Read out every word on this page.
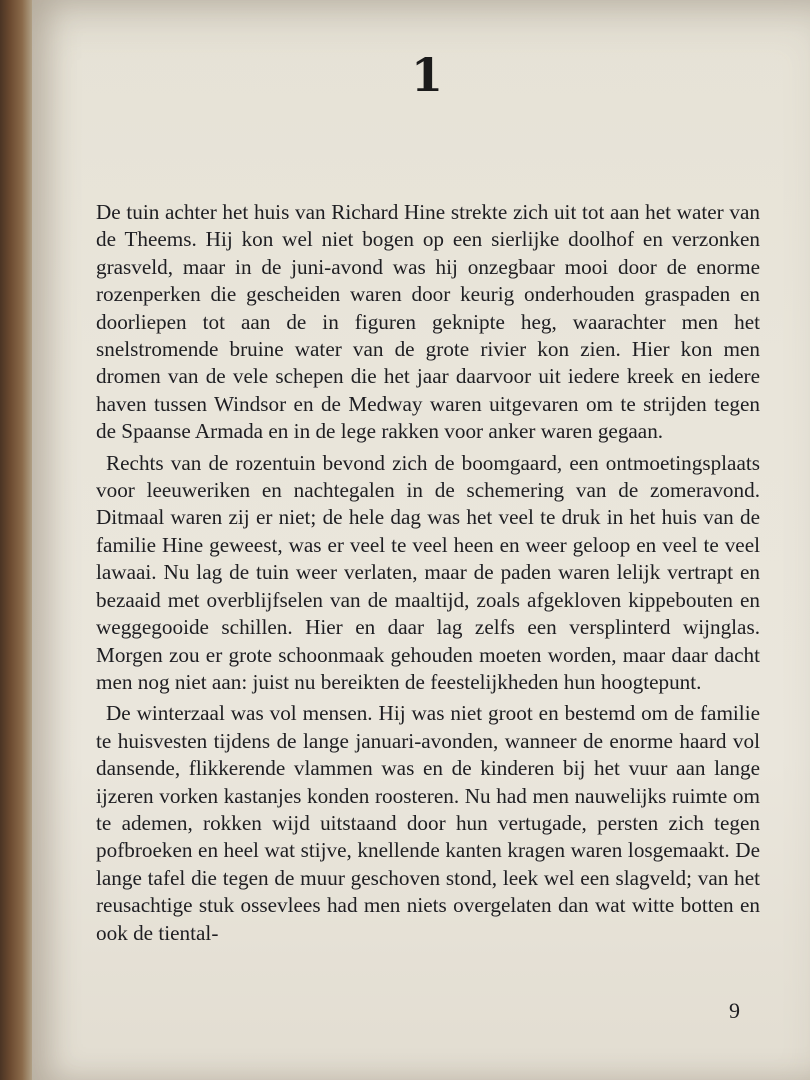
1

De tuin achter het huis van Richard Hine strekte zich uit tot aan het water van de Theems. Hij kon wel niet bogen op een sierlijke doolhof en verzonken grasveld, maar in de juni-avond was hij onzegbaar mooi door de enorme rozenperken die gescheiden waren door keurig onderhouden graspaden en doorliepen tot aan de in figuren geknipte heg, waarachter men het snelstromende bruine water van de grote rivier kon zien. Hier kon men dromen van de vele schepen die het jaar daarvoor uit iedere kreek en iedere haven tussen Windsor en de Medway waren uitgevaren om te strijden tegen de Spaanse Armada en in de lege rakken voor anker waren gegaan.

Rechts van de rozentuin bevond zich de boomgaard, een ontmoetingsplaats voor leeuweriken en nachtegalen in de schemering van de zomeravond. Ditmaal waren zij er niet; de hele dag was het veel te druk in het huis van de familie Hine geweest, was er veel te veel heen en weer geloop en veel te veel lawaai. Nu lag de tuin weer verlaten, maar de paden waren lelijk vertrapt en bezaaid met overblijfselen van de maaltijd, zoals afgekloven kippebouten en weggegooide schillen. Hier en daar lag zelfs een versplinterd wijnglas. Morgen zou er grote schoonmaak gehouden moeten worden, maar daar dacht men nog niet aan: juist nu bereikten de feestelijkheden hun hoogtepunt.

De winterzaal was vol mensen. Hij was niet groot en bestemd om de familie te huisvesten tijdens de lange januari-avonden, wanneer de enorme haard vol dansende, flikkerende vlammen was en de kinderen bij het vuur aan lange ijzeren vorken kastanjes konden roosteren. Nu had men nauwelijks ruimte om te ademen, rokken wijd uitstaand door hun vertugade, persten zich tegen pofbroeken en heel wat stijve, knellende kanten kragen waren losgemaakt. De lange tafel die tegen de muur geschoven stond, leek wel een slagveld; van het reusachtige stuk ossevlees had men niets overgelaten dan wat witte botten en ook de tiental-

9
